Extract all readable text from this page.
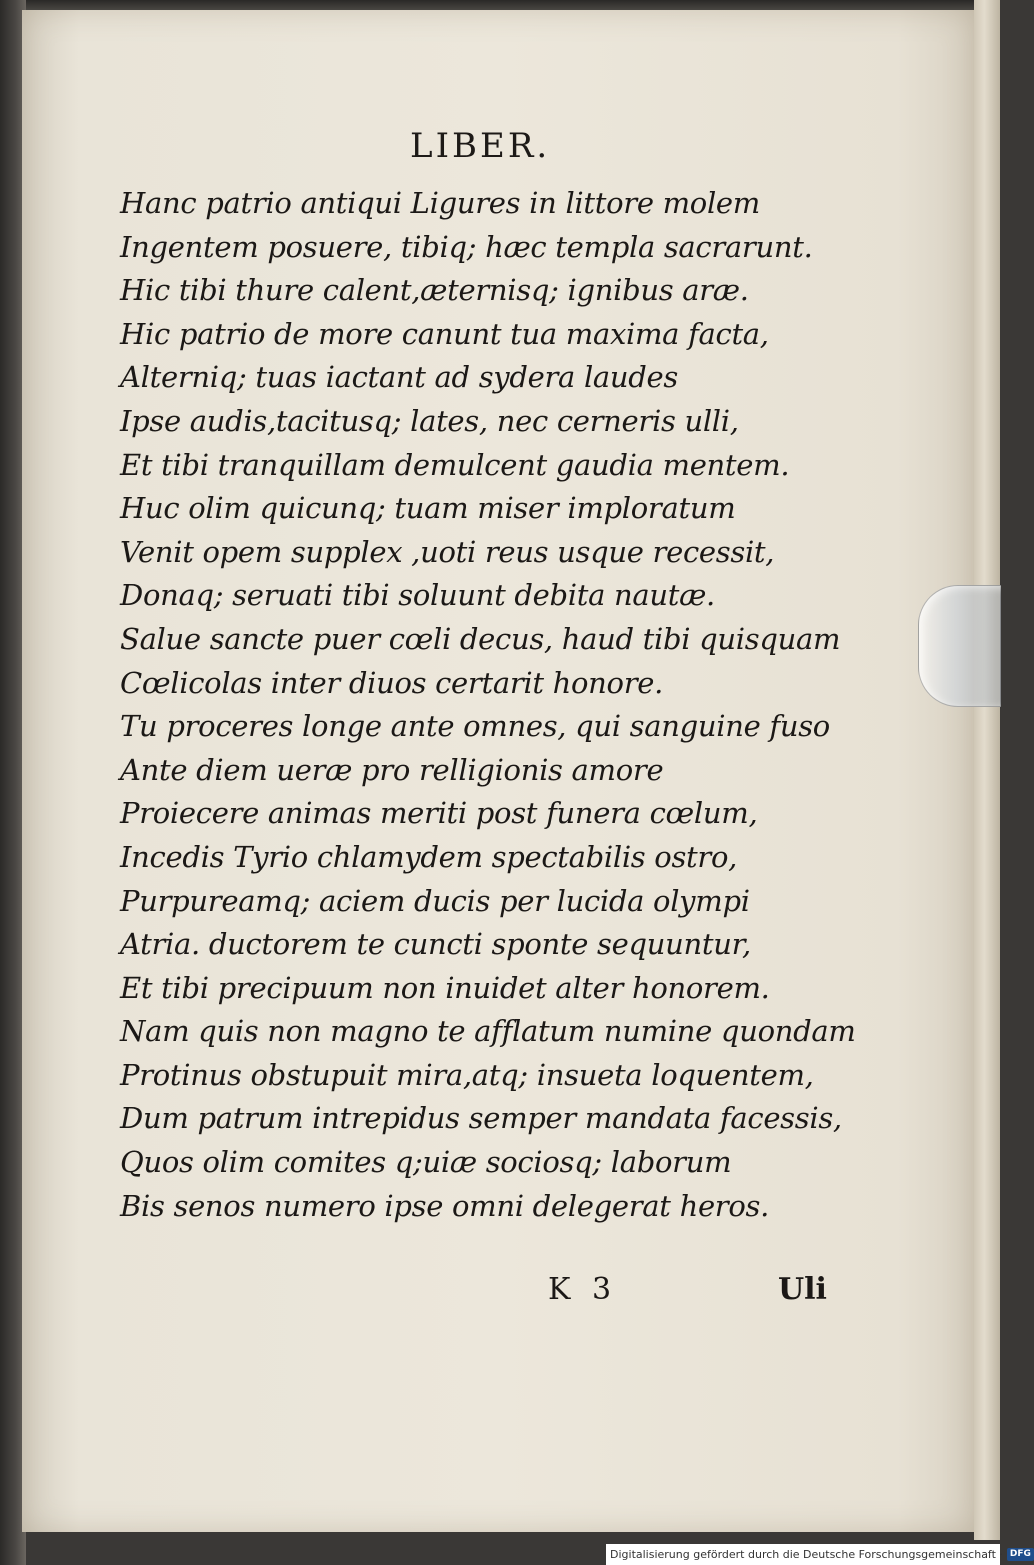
LIBER.
Hanc patrio antiqui Ligures in littore molem
Ingentem posuere, tibiq; hæc templa sacrarunt.
Hic tibi thure calent,æternisq; ignibus aræ.
Hic patrio de more canunt tua maxima facta,
Alterniq; tuas iactant ad sydera laudes
Ipse audis,tacitusq; lates, nec cerneris ulli,
Et tibi tranquillam demulcent gaudia mentem.
Huc olim quicunq; tuam miser imploratum
Venit opem supplex ,uoti reus usque recessit,
Donaq; seruati tibi soluunt debita nautæ.
Salue sancte puer cœli decus, haud tibi quisquam
Cœlicolas inter diuos certarit honore.
Tu proceres longe ante omnes, qui sanguine fuso
Ante diem ueræ pro relligionis amore
Proiecere animas meriti post funera cœlum,
Incedis Tyrio chlamydem spectabilis ostro,
Purpureamq; aciem ducis per lucida olympi
Atria. ductorem te cuncti sponte sequuntur,
Et tibi precipuum non inuidet alter honorem.
Nam quis non magno te afflatum numine quondam
Protinus obstupuit mira,atq; insueta loquentem,
Dum patrum intrepidus semper mandata facessis,
Quos olim comites q;uiæ sociosq; laborum
Bis senos numero ipse omni delegerat heros.
K 3	Uli
Digitalisierung gefördert durch die Deutsche Forschungsgemeinschaft · DFG
